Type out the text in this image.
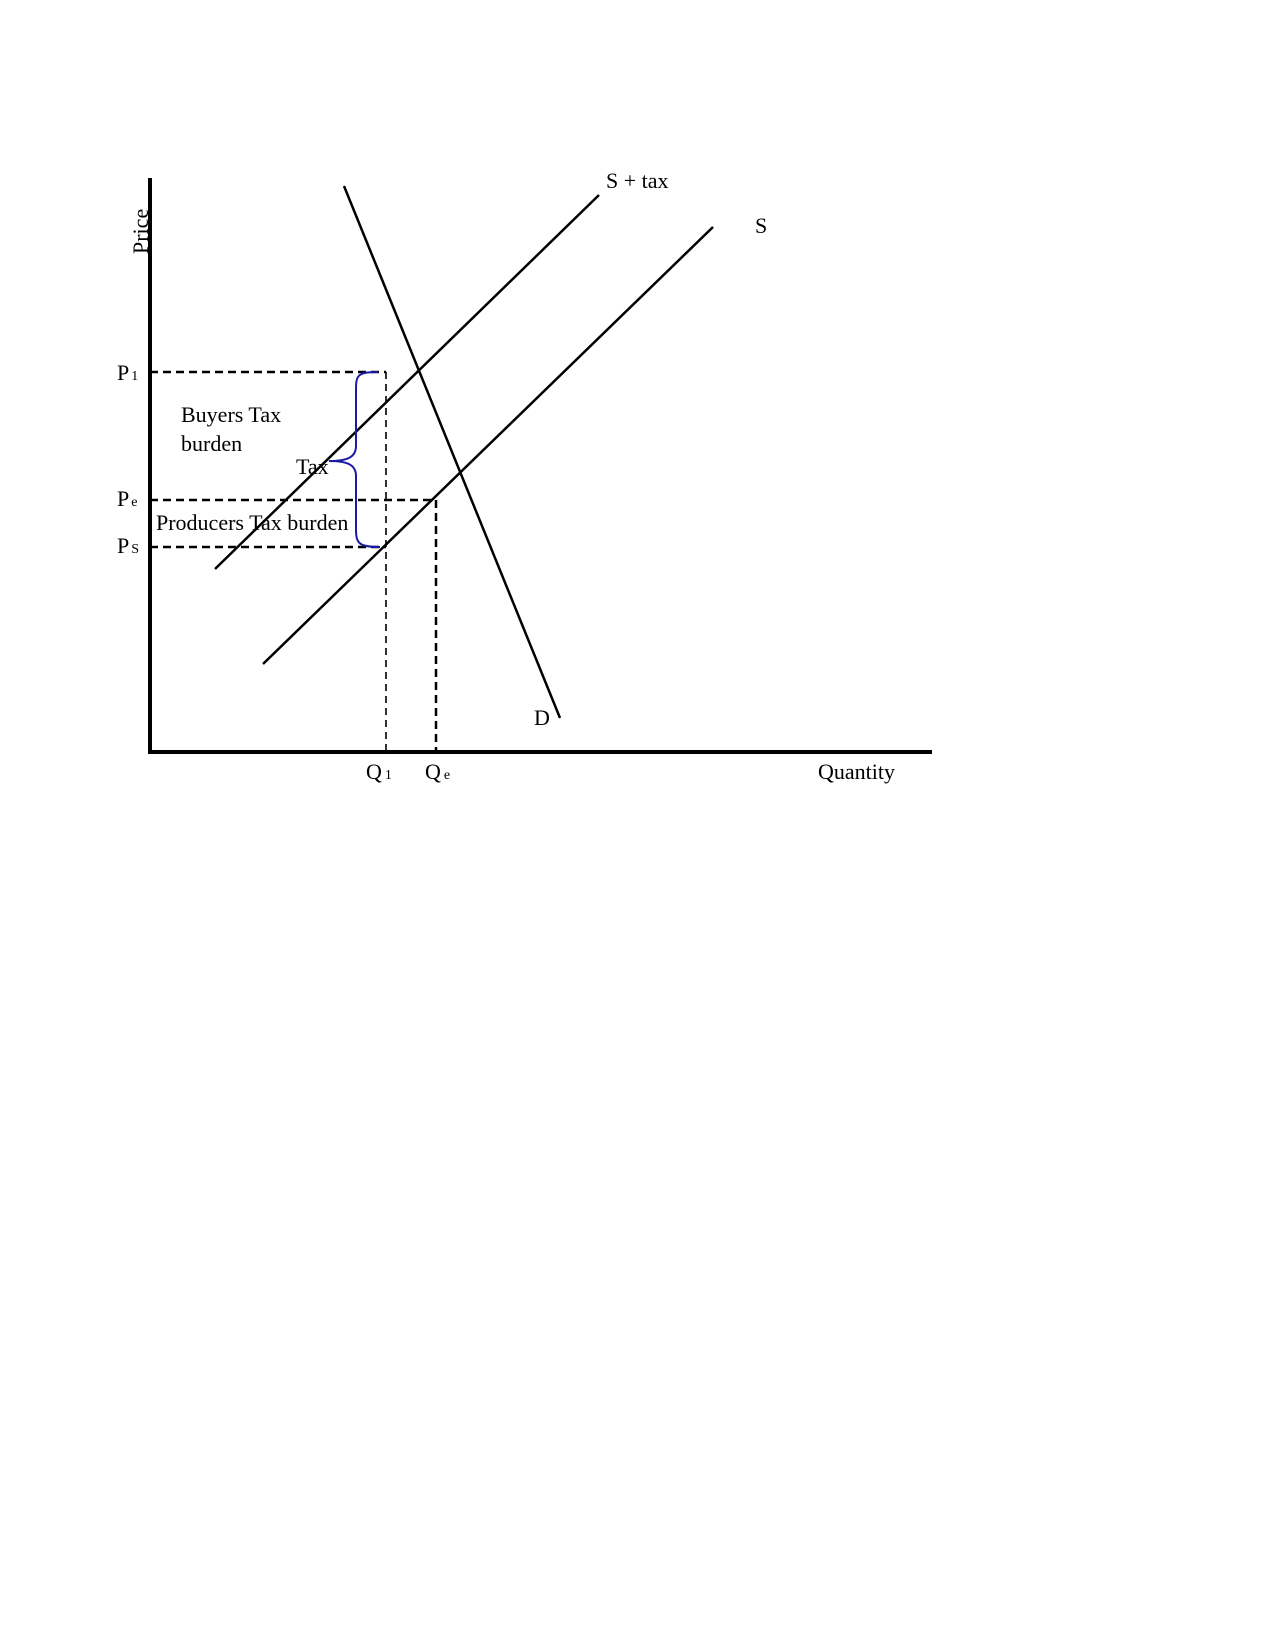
Price
S + tax
S
D
P 1
Pe
P S
Q 1 Qe	Quantity
Buyers Tax
burden
Tax
Producers Tax burden
